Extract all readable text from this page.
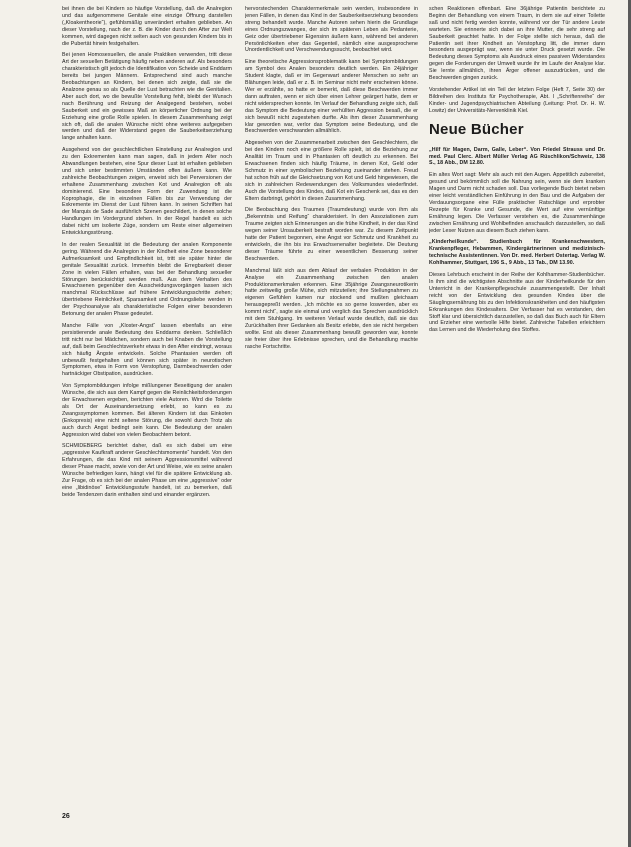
bei ihnen die bei Kindern so häufige Vorstellung, daß die Analregion und das aufgenommene Genitale eine einzige Öffnung darstellen („Kloakentheorie“), gefühlsmäßig unverändert erhalten geblieben. An dieser Vorstellung, nach der z. B. die Kinder durch den After zur Welt kommen, wird dagegen nicht selten auch von gesunden Kindern bis in die Pubertät hinein festgehalten.

Bei jenen Homosexuellen, die anale Praktiken verwenden, tritt diese Art der sexuellen Betätigung häufig neben anderen auf. Als besonders charakteristisch gilt jedoch die Identifikation von Scheide und Enddarm bereits bei jungen Männern. Entsprechend sind auch manche Beobachtungen an Kindern, bei denen sich zeigte, daß sie die Analzone genau so als Quelle der Lust betrachten wie die Genitalien. Aber auch dort, wo die bewußte Vorstellung fehlt, bleibt der Wunsch nach Berührung und Reizung der Analgegend bestehen, wobei Sauberkeit und ein gewisses Maß an körperlicher Ordnung bei der Erziehung eine große Rolle spielen. In diesem Zusammenhang zeigt sich oft, daß die analen Wünsche nicht ohne weiteres aufgegeben werden und daß der Widerstand gegen die Sauberkeitserziehung lange anhalten kann.

Ausgehend von der geschlechtlichen Einstellung zur Analregion und zu den Exkrementen kann man sagen, daß in jedem Alter noch Abwandlungen bestehen, eine Spur dieser Lust ist erhalten geblieben und sich unter bestimmten Umständen offen äußern kann. Wie zahlreiche Beobachtungen zeigen, erweist sich bei Perversionen der erhaltene Zusammenhang zwischen Kot und Analregion oft als dominierend. Eine besondere Form der Zuwendung ist die Koprophagie, die in einzelnen Fällen bis zur Verwendung der Exkremente im Dienst der Lust führen kann. In seinen Schriften hat der Marquis de Sade ausführlich Szenen geschildert, in denen solche Handlungen im Vordergrund stehen. In der Regel handelt es sich dabei nicht um isolierte Züge, sondern um Reste einer allgemeinen Entwicklungsstörung.

In der realen Sexualität ist die Bedeutung der analen Komponente gering. Während die Analregion in der Kindheit eine Zone besonderer Aufmerksamkeit und Empfindlichkeit ist, tritt sie später hinter die genitale Sexualität zurück. Immerhin bleibt die Erregbarkeit dieser Zone in vielen Fällen erhalten, was bei der Behandlung sexueller Störungen berücksichtigt werden muß. Aus dem Verhalten des Erwachsenen gegenüber den Ausscheidungsvorgängen lassen sich manchmal Rückschlüsse auf frühere Entwicklungsschritte ziehen; übertriebene Reinlichkeit, Sparsamkeit und Ordnungsliebe werden in der Psychoanalyse als charakteristische Folgen einer besonderen Betonung der analen Phase gedeutet.

Manche Fälle von „Kloster-Angst“ lassen ebenfalls an eine persistierende anale Bedeutung des Enddarms denken. Schließlich tritt nicht nur bei Mädchen, sondern auch bei Knaben die Vorstellung auf, daß beim Geschlechtsverkehr etwas in den After eindringt, woraus sich häufig Ängste entwickeln. Solche Phantasien werden oft unbewußt festgehalten und können sich später in neurotischen Symptomen, etwa in Form von Verstopfung, Darmbeschwerden oder hartnäckiger Obstipation, ausdrücken.

Von Symptombildungen infolge mißlungener Beseitigung der analen Wünsche, die sich aus dem Kampf gegen die Reinlichkeitsforderungen der Erwachsenen ergeben, berichten viele Autoren. Wird die Toilette als Ort der Auseinandersetzung erlebt, so kann es zu Zwangssymptomen kommen. Bei älteren Kindern ist das Einkoten (Enkopresis) eine nicht seltene Störung, die sowohl durch Trotz als auch durch Angst bedingt sein kann. Die Bedeutung der analen Aggression wird dabei von vielen Beobachtern betont.

SCHMIDEBERG berichtet daher, daß es sich dabei um eine „aggressive Kaufkraft anderer Geschlechtsmomente“ handelt. Von den Erfahrungen, die das Kind mit seinem Aggressionsmittel während dieser Phase macht, sowie von der Art und Weise, wie es seine analen Wünsche befriedigen kann, hängt viel für die spätere Entwicklung ab. Zur Frage, ob es sich bei der analen Phase um eine „aggressive“ oder eine „libidinöse“ Entwicklungsstufe handelt, ist zu bemerken, daß beide Tendenzen darin enthalten sind und einander ergänzen.

hervorstechenden Charaktermerkmale sein werden, insbesondere in jenen Fällen, in denen das Kind in der Sauberkeitserziehung besonders streng behandelt wurde. Manche Autoren sehen hierin die Grundlage eines Ordnungszwanges, der sich im späteren Leben als Pedanterie, Geiz oder übertriebener Eigensinn äußern kann, während bei anderen Persönlichkeiten eher das Gegenteil, nämlich eine ausgesprochene Unordentlichkeit und Verschwendungssucht, beobachtet wird.

Eine theoretische Aggressionsproblematik kann bei Symptombildungen am Symbol des Analen besonders deutlich werden. Ein 24jähriger Student klagte, daß er im Gegenwart anderer Menschen so sehr an Blähungen leide, daß er z. B. im Seminar nicht mehr erscheinen könne. Wer er erzählte, so hatte er bemerkt, daß diese Beschwerden immer dann auftraten, wenn er sich über einen Lehrer geärgert hatte, dem er nicht widersprechen konnte. Im Verlauf der Behandlung zeigte sich, daß das Symptom die Bedeutung einer verhüllten Aggression besaß, die er sich bewußt nicht zugestehen durfte. Als ihm dieser Zusammenhang klar geworden war, verlor das Symptom seine Bedeutung, und die Beschwerden verschwanden allmählich.

Abgesehen von der Zusammenarbeit zwischen den Geschlechtern, die bei den Kindern noch eine größere Rolle spielt, ist die Beziehung zur Analität im Traum und in Phantasien oft deutlich zu erkennen. Bei Erwachsenen finden sich häufig Träume, in denen Kot, Geld oder Schmutz in einer symbolischen Beziehung zueinander stehen. Freud hat schon früh auf die Gleichsetzung von Kot und Geld hingewiesen, die sich in zahlreichen Redewendungen des Volksmundes wiederfindet. Auch die Vorstellung des Kindes, daß Kot ein Geschenk sei, das es den Eltern darbringt, gehört in diesen Zusammenhang.

Die Beobachtung des Traumes (Traumdeutung) wurde von ihm als „Bekenntnis und Reifung“ charakterisiert. In den Assoziationen zum Traume zeigten sich Erinnerungen an die frühe Kindheit, in der das Kind wegen seiner Unsauberkeit bestraft worden war. Zu diesem Zeitpunkt hatte der Patient begonnen, eine Angst vor Schmutz und Krankheit zu entwickeln, die ihn bis ins Erwachsenenalter begleitete. Die Deutung dieser Träume führte zu einer wesentlichen Besserung seiner Beschwerden.

Manchmal läßt sich aus dem Ablauf der verbalen Produktion in der Analyse ein Zusammenhang zwischen den analen Produktionsmerkmalen erkennen. Eine 35jährige Zwangsneurotikerin hatte zeitweilig große Mühe, sich mitzuteilen; ihre Stellungnahmen zu eigenen Gefühlen kamen nur stockend und mußten gleichsam herausgepreßt werden. „Ich möchte es so gerne loswerden, aber es kommt nicht“, sagte sie einmal und verglich das Sprechen ausdrücklich mit dem Stuhlgang. Im weiteren Verlauf wurde deutlich, daß sie das Zurückhalten ihrer Gedanken als Besitz erlebte, den sie nicht hergeben wollte. Erst als dieser Zusammenhang bewußt geworden war, konnte sie freier über ihre Erlebnisse sprechen, und die Behandlung machte rasche Fortschritte.

schen Reaktionen offenbart. Eine 36jährige Patientin berichtete zu Beginn der Behandlung von einem Traum, in dem sie auf einer Toilette saß und nicht fertig werden konnte, während vor der Tür andere Leute warteten. Sie erinnerte sich dabei an ihre Mutter, die sehr streng auf Sauberkeit geachtet hatte. In der Folge stellte sich heraus, daß die Patientin seit ihrer Kindheit an Verstopfung litt, die immer dann besonders ausgeprägt war, wenn sie unter Druck gesetzt wurde. Die Bedeutung dieses Symptoms als Ausdruck eines passiven Widerstandes gegen die Forderungen der Umwelt wurde ihr im Laufe der Analyse klar. Sie lernte allmählich, ihren Ärger offener auszudrücken, und die Beschwerden gingen zurück.

Vorstehender Artikel ist ein Teil der letzten Folge (Heft 7, Seite 30) der Bildreihen des Instituts für Psychotherapie, Abt. I „Schriftenreihe“ der Kinder- und Jugendpsychiatrischen Abteilung (Leitung: Prof. Dr. H. W. Lowitz) der Universitäts-Nervenklinik Kiel.

Neue Bücher

„Hilf für Magen, Darm, Galle, Leber“. Von Friedel Strauss und Dr. med. Paul Clerc. Albert Müller Verlag AG Rüschlikon/Schweiz, 138 S., 18 Abb., DM 12.80.

Ein altes Wort sagt: Mehr als auch mit den Augen. Appetitlich zubereitet, gesund und bekömmlich soll die Nahrung sein, wenn sie dem kranken Magen und Darm nicht schaden soll. Das vorliegende Buch bietet neben einer leicht verständlichen Einführung in den Bau und die Aufgaben der Verdauungsorgane eine Fülle praktischer Ratschläge und erprobter Rezepte für Kranke und Gesunde, die Wert auf eine vernünftige Ernährung legen. Die Verfasser verstehen es, die Zusammenhänge zwischen Ernährung und Wohlbefinden anschaulich darzustellen, so daß jeder Leser Nutzen aus diesem Buch ziehen kann.

„Kinderheilkunde“. Studienbuch für Krankenschwestern, Krankenpfleger, Hebammen, Kindergärtnerinnen und medizinisch-technische Assistentinnen. Von Dr. med. Herbert Ostertag. Verlag W. Kohlhammer, Stuttgart, 196 S., 9 Abb., 13 Tab., DM 13.90.

Dieses Lehrbuch erscheint in der Reihe der Kohlhammer-Studienbücher. In ihm sind die wichtigsten Abschnitte aus der Kinderheilkunde für den Unterricht in der Krankenpflegeschule zusammengestellt. Der Inhalt reicht von der Entwicklung des gesunden Kindes über die Säuglingsernährung bis zu den Infektionskrankheiten und den häufigsten Erkrankungen des Kindesalters. Der Verfasser hat es verstanden, den Stoff klar und übersichtlich darzustellen, so daß das Buch auch für Eltern und Erzieher eine wertvolle Hilfe bietet. Zahlreiche Tabellen erleichtern das Lernen und die Wiederholung des Stoffes.

26
